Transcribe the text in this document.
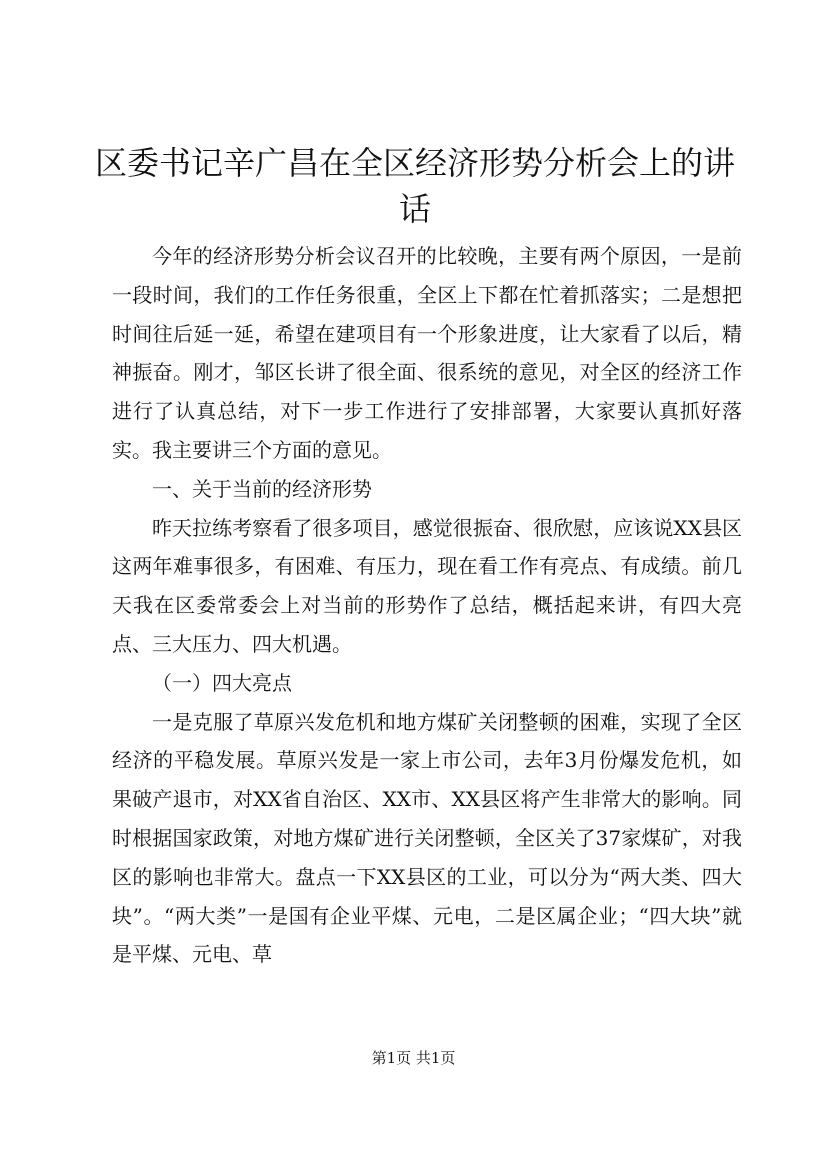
区委书记辛广昌在全区经济形势分析会上的讲话

今年的经济形势分析会议召开的比较晚，主要有两个原因，一是前一段时间，我们的工作任务很重，全区上下都在忙着抓落实；二是想把时间往后延一延，希望在建项目有一个形象进度，让大家看了以后，精神振奋。刚才，邹区长讲了很全面、很系统的意见，对全区的经济工作进行了认真总结，对下一步工作进行了安排部署，大家要认真抓好落实。我主要讲三个方面的意见。

一、关于当前的经济形势

昨天拉练考察看了很多项目，感觉很振奋、很欣慰，应该说XX县区这两年难事很多，有困难、有压力，现在看工作有亮点、有成绩。前几天我在区委常委会上对当前的形势作了总结，概括起来讲，有四大亮点、三大压力、四大机遇。

（一）四大亮点

一是克服了草原兴发危机和地方煤矿关闭整顿的困难，实现了全区经济的平稳发展。草原兴发是一家上市公司，去年3月份爆发危机，如果破产退市，对XX省自治区、XX市、XX县区将产生非常大的影响。同时根据国家政策，对地方煤矿进行关闭整顿，全区关了37家煤矿，对我区的影响也非常大。盘点一下XX县区的工业，可以分为“两大类、四大块”。“两大类”一是国有企业平煤、元电，二是区属企业；“四大块”就是平煤、元电、草

第1页 共1页
